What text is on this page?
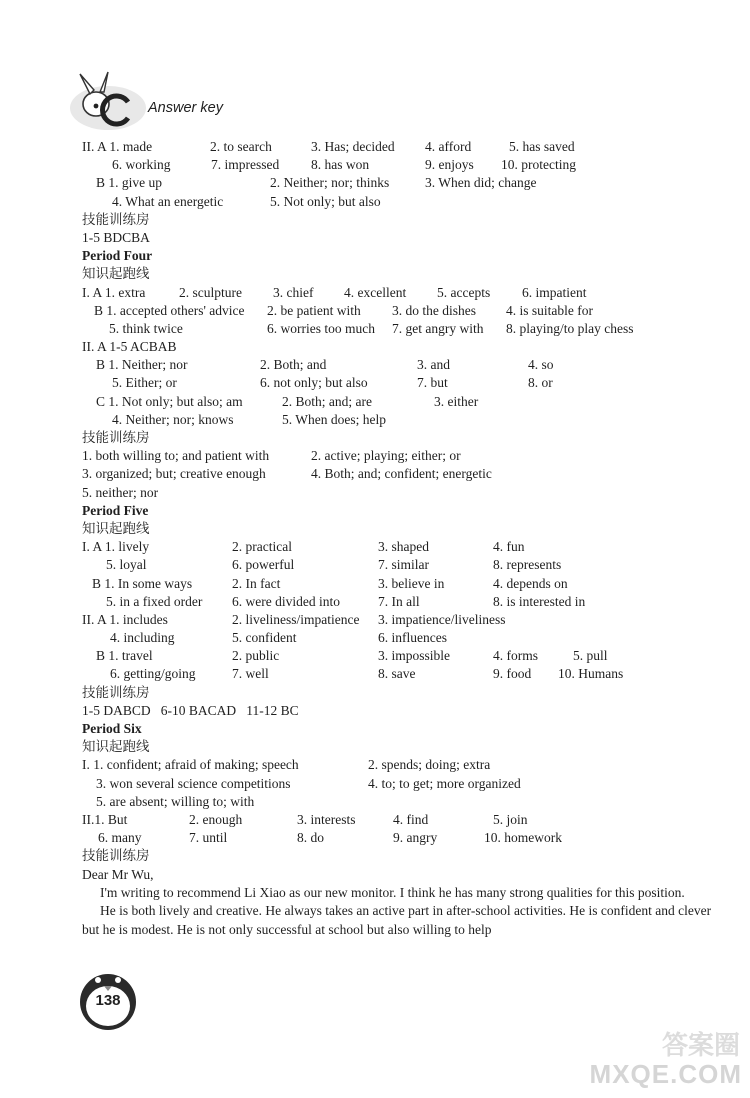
Answer key
II. A 1. made	2. to search	3. Has; decided 4. afford	5. has saved
6. working	7. impressed 8. has won	9. enjoys 10. protecting
B 1. give up	2. Neither; nor; thinks	3. When did; change
4. What an energetic	5. Not only; but also
技能训练房
1-5 BDCBA
Period Four
知识起跑线
I. A 1. extra 2. sculpture 3. chief 4. excellent 5. accepts 6. impatient
B 1. accepted others' advice 2. be patient with 3. do the dishes 4. is suitable for
5. think twice	6. worries too much 7. get angry with 8. playing/to play chess
II. A 1-5 ACBAB
B 1. Neither; nor	2. Both; and	3. and	4. so
5. Either; or	6. not only; but also	7. but	8. or
C 1. Not only; but also; am	2. Both; and; are	3. either
4. Neither; nor; knows	5. When does; help
技能训练房
1. both willing to; and patient with	2. active; playing; either; or
3. organized; but; creative enough	4. Both; and; confident; energetic
5. neither; nor
Period Five
知识起跑线
I. A 1. lively	2. practical	3. shaped	4. fun
5. loyal	6. powerful	7. similar	8. represents
B 1. In some ways	2. In fact	3. believe in	4. depends on
5. in a fixed order 6. were divided into	7. In all	8. is interested in
II. A 1. includes	2. liveliness/impatience 3. impatience/liveliness
4. including	5. confident	6. influences
B 1. travel	2. public	3. impossible	4. forms	5. pull
6. getting/going	7. well	8. save	9. food 10. Humans
技能训练房
1-5 DABCD   6-10 BACAD   11-12 BC
Period Six
知识起跑线
I. 1. confident; afraid of making; speech	2. spends; doing; extra
3. won several science competitions	4. to; to get; more organized
5. are absent; willing to; with
II.1. But	2. enough	3. interests	4. find	5. join
6. many	7. until	8. do	9. angry	10. homework
技能训练房
Dear Mr Wu,

I'm writing to recommend Li Xiao as our new monitor. I think he has many strong qualities for this position.

He is both lively and creative. He always takes an active part in after-school activities. He is confident and clever but he is modest. He is not only successful at school but also willing to help

138
答案圈
MXQE.COM
